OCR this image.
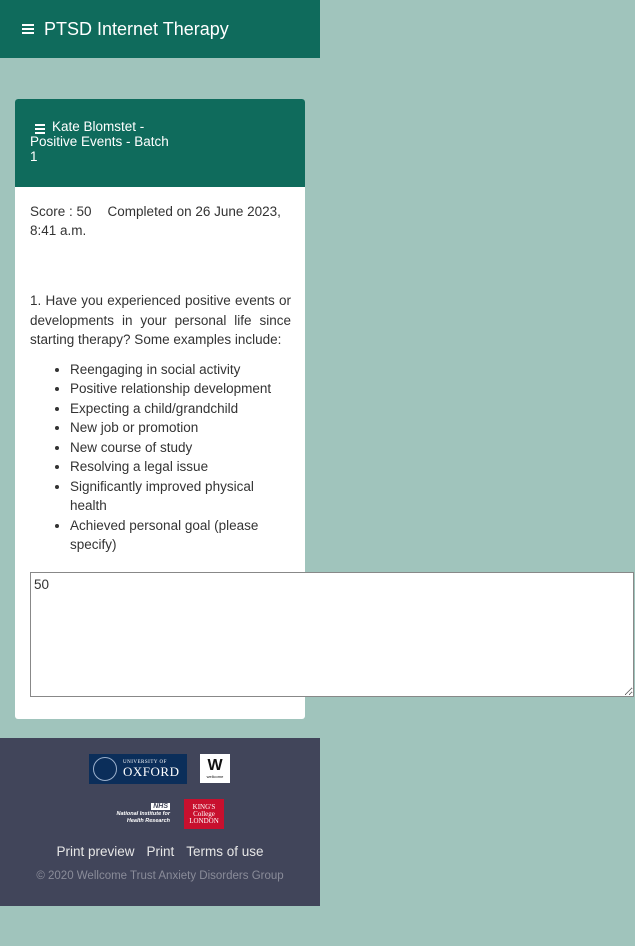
PTSD Internet Therapy
Kate Blomstet - Positive Events - Batch 1
Score : 50 Completed on 26 June 2023, 8:41 a.m.
1. Have you experienced positive events or developments in your personal life since starting therapy? Some examples include:
• Reengaging in social activity
• Positive relationship development
• Expecting a child/grandchild
• New job or promotion
• New course of study
• Resolving a legal issue
• Significantly improved physical health
• Achieved personal goal (please specify)
50
UNIVERSITY OF
OXFORD W
wellcome
NHS
National Institute for
Health Research
KING'S
College
LONDON
Print preview Print Terms of use
© 2020 Wellcome Trust Anxiety Disorders Group
